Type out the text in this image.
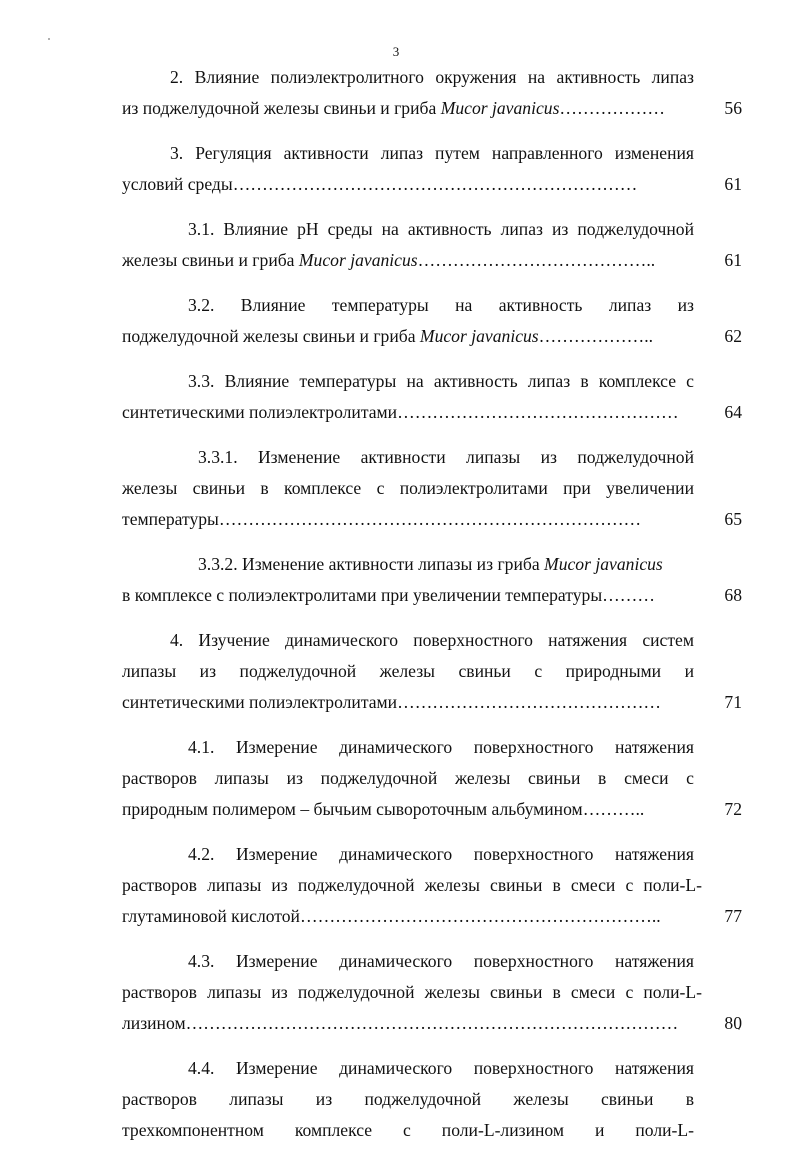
3
2. Влияние полиэлектролитного окружения на активность липаз
из поджелудочной железы свиньи и гриба Mucor javanicus………………	56
3. Регуляция активности липаз путем направленного изменения
условий среды……………………………………………………………	61
3.1. Влияние рН среды на активность липаз из поджелудочной
железы свиньи и гриба Mucor javanicus…………………………………..	61
3.2. Влияние температуры на активность липаз из
поджелудочной железы свиньи и гриба Mucor javanicus………………..	62
3.3. Влияние температуры на активность липаз в комплексе с
синтетическими полиэлектролитами…………………………………………	64
3.3.1. Изменение активности липазы из поджелудочной
железы свиньи в комплексе с полиэлектролитами при увеличении
температуры………………………………………………………………	65
3.3.2. Изменение активности липазы из гриба Mucor javanicus
в комплексе с полиэлектролитами при увеличении температуры………	68
4. Изучение динамического поверхностного натяжения систем
липазы из поджелудочной железы свиньи с природными и
синтетическими полиэлектролитами………………………………………	71
4.1. Измерение динамического поверхностного натяжения
растворов липазы из поджелудочной железы свиньи в смеси с
природным полимером – бычьим сывороточным альбумином………..	72
4.2. Измерение динамического поверхностного натяжения
растворов липазы из поджелудочной железы свиньи в смеси с поли-L-
глутаминовой кислотой……………………………………………………..	77
4.3. Измерение динамического поверхностного натяжения
растворов липазы из поджелудочной железы свиньи в смеси с поли-L-
лизином…………………………………………………………………………	80
4.4. Измерение динамического поверхностного натяжения
растворов липазы из поджелудочной железы свиньи в
трехкомпонентном комплексе с поли-L-лизином и поли-L-
